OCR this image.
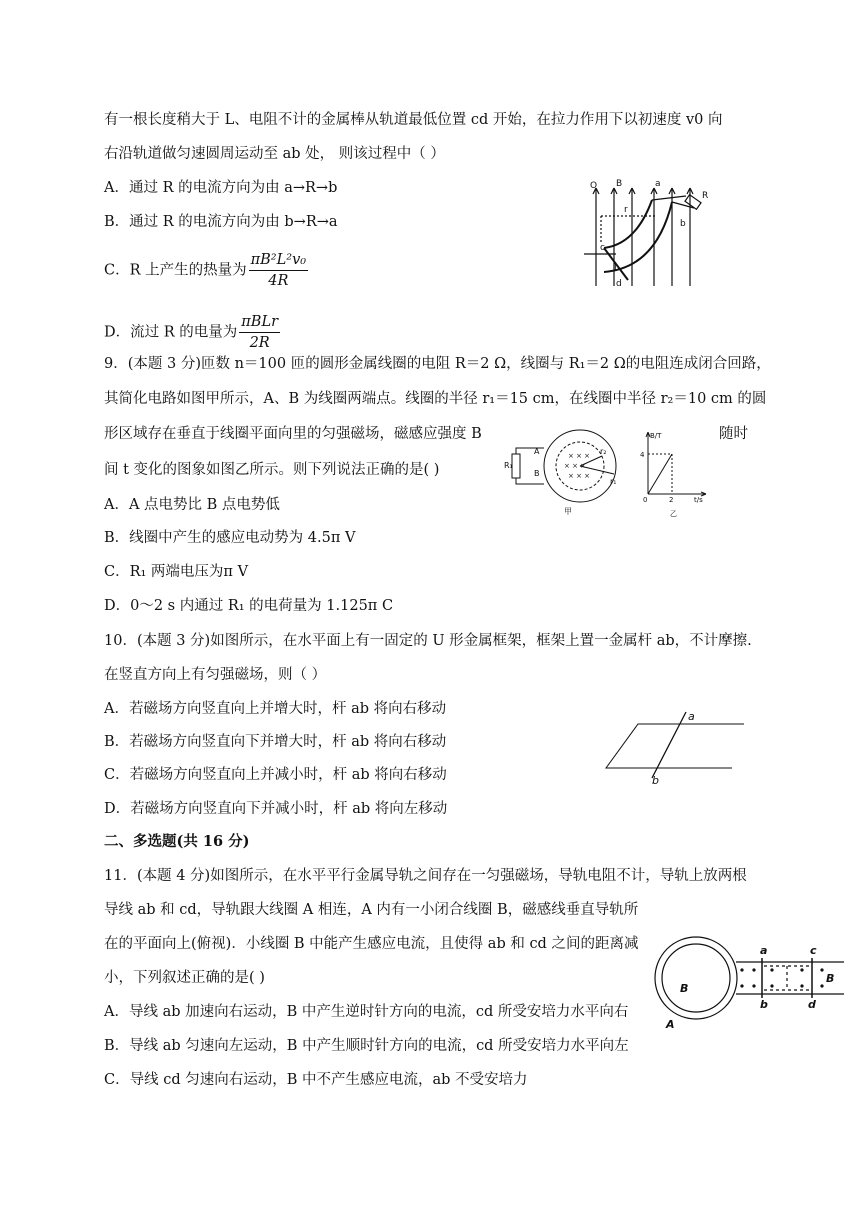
有一根长度稍大于 L、电阻不计的金属棒从轨道最低位置 cd 开始，在拉力作用下以初速度 v0 向
右沿轨道做匀速圆周运动至 ab 处， 则该过程中（ ）
A．通过 R 的电流方向为由 a→R→b
B．通过 R 的电流方向为由 b→R→a
C．R 上产生的热量为 $\frac{\text{πB²L²v₀}}{4R}$
D．流过 R 的电量为 $\frac{\text{πBLr}}{2R}$
O B	a
r
R
b
c
L
d
9．(本题 3 分)匝数 n＝100 匝的圆形金属线圈的电阻 R＝2 Ω，线圈与 R₁＝2 Ω的电阻连成闭合回路，
其简化电路如图甲所示，A、B 为线圈两端点。线圈的半径 r₁＝15 cm，在线圈中半径 r₂＝10 cm 的圆
形区域存在垂直于线圈平面向里的匀强磁场，磁感应强度 B	随时
间 t 变化的图象如图乙所示。则下列说法正确的是( )
A．A 点电势比 B 点电势低
B．线圈中产生的感应电动势为 4.5π V
C．R₁ 两端电压为π V
D．0～2 s 内通过 R₁ 的电荷量为 1.125π C
× × ×
× × ×
× × ×
R₁
A
B
r₂
r₁
甲
B/T
4
0	2	t/s
乙
10．(本题 3 分)如图所示，在水平面上有一固定的 U 形金属框架，框架上置一金属杆 ab，不计摩擦.
在竖直方向上有匀强磁场，则（ ）
A．若磁场方向竖直向上并增大时，杆 ab 将向右移动
B．若磁场方向竖直向下并增大时，杆 ab 将向右移动
C．若磁场方向竖直向上并减小时，杆 ab 将向右移动
D．若磁场方向竖直向下并减小时，杆 ab 将向左移动
a
b
二、多选题(共 16 分)
11．(本题 4 分)如图所示，在水平平行金属导轨之间存在一匀强磁场，导轨电阻不计，导轨上放两根
导线 ab 和 cd，导轨跟大线圈 A 相连，A 内有一小闭合线圈 B，磁感线垂直导轨所
在的平面向上(俯视)．小线圈 B 中能产生感应电流，且使得 ab 和 cd 之间的距离减
小，下列叙述正确的是( )
A．导线 ab 加速向右运动，B 中产生逆时针方向的电流，cd 所受安培力水平向右
B．导线 ab 匀速向左运动，B 中产生顺时针方向的电流，cd 所受安培力水平向左
C．导线 cd 匀速向右运动，B 中不产生感应电流，ab 不受安培力
a	c
B
B
b	d
A
